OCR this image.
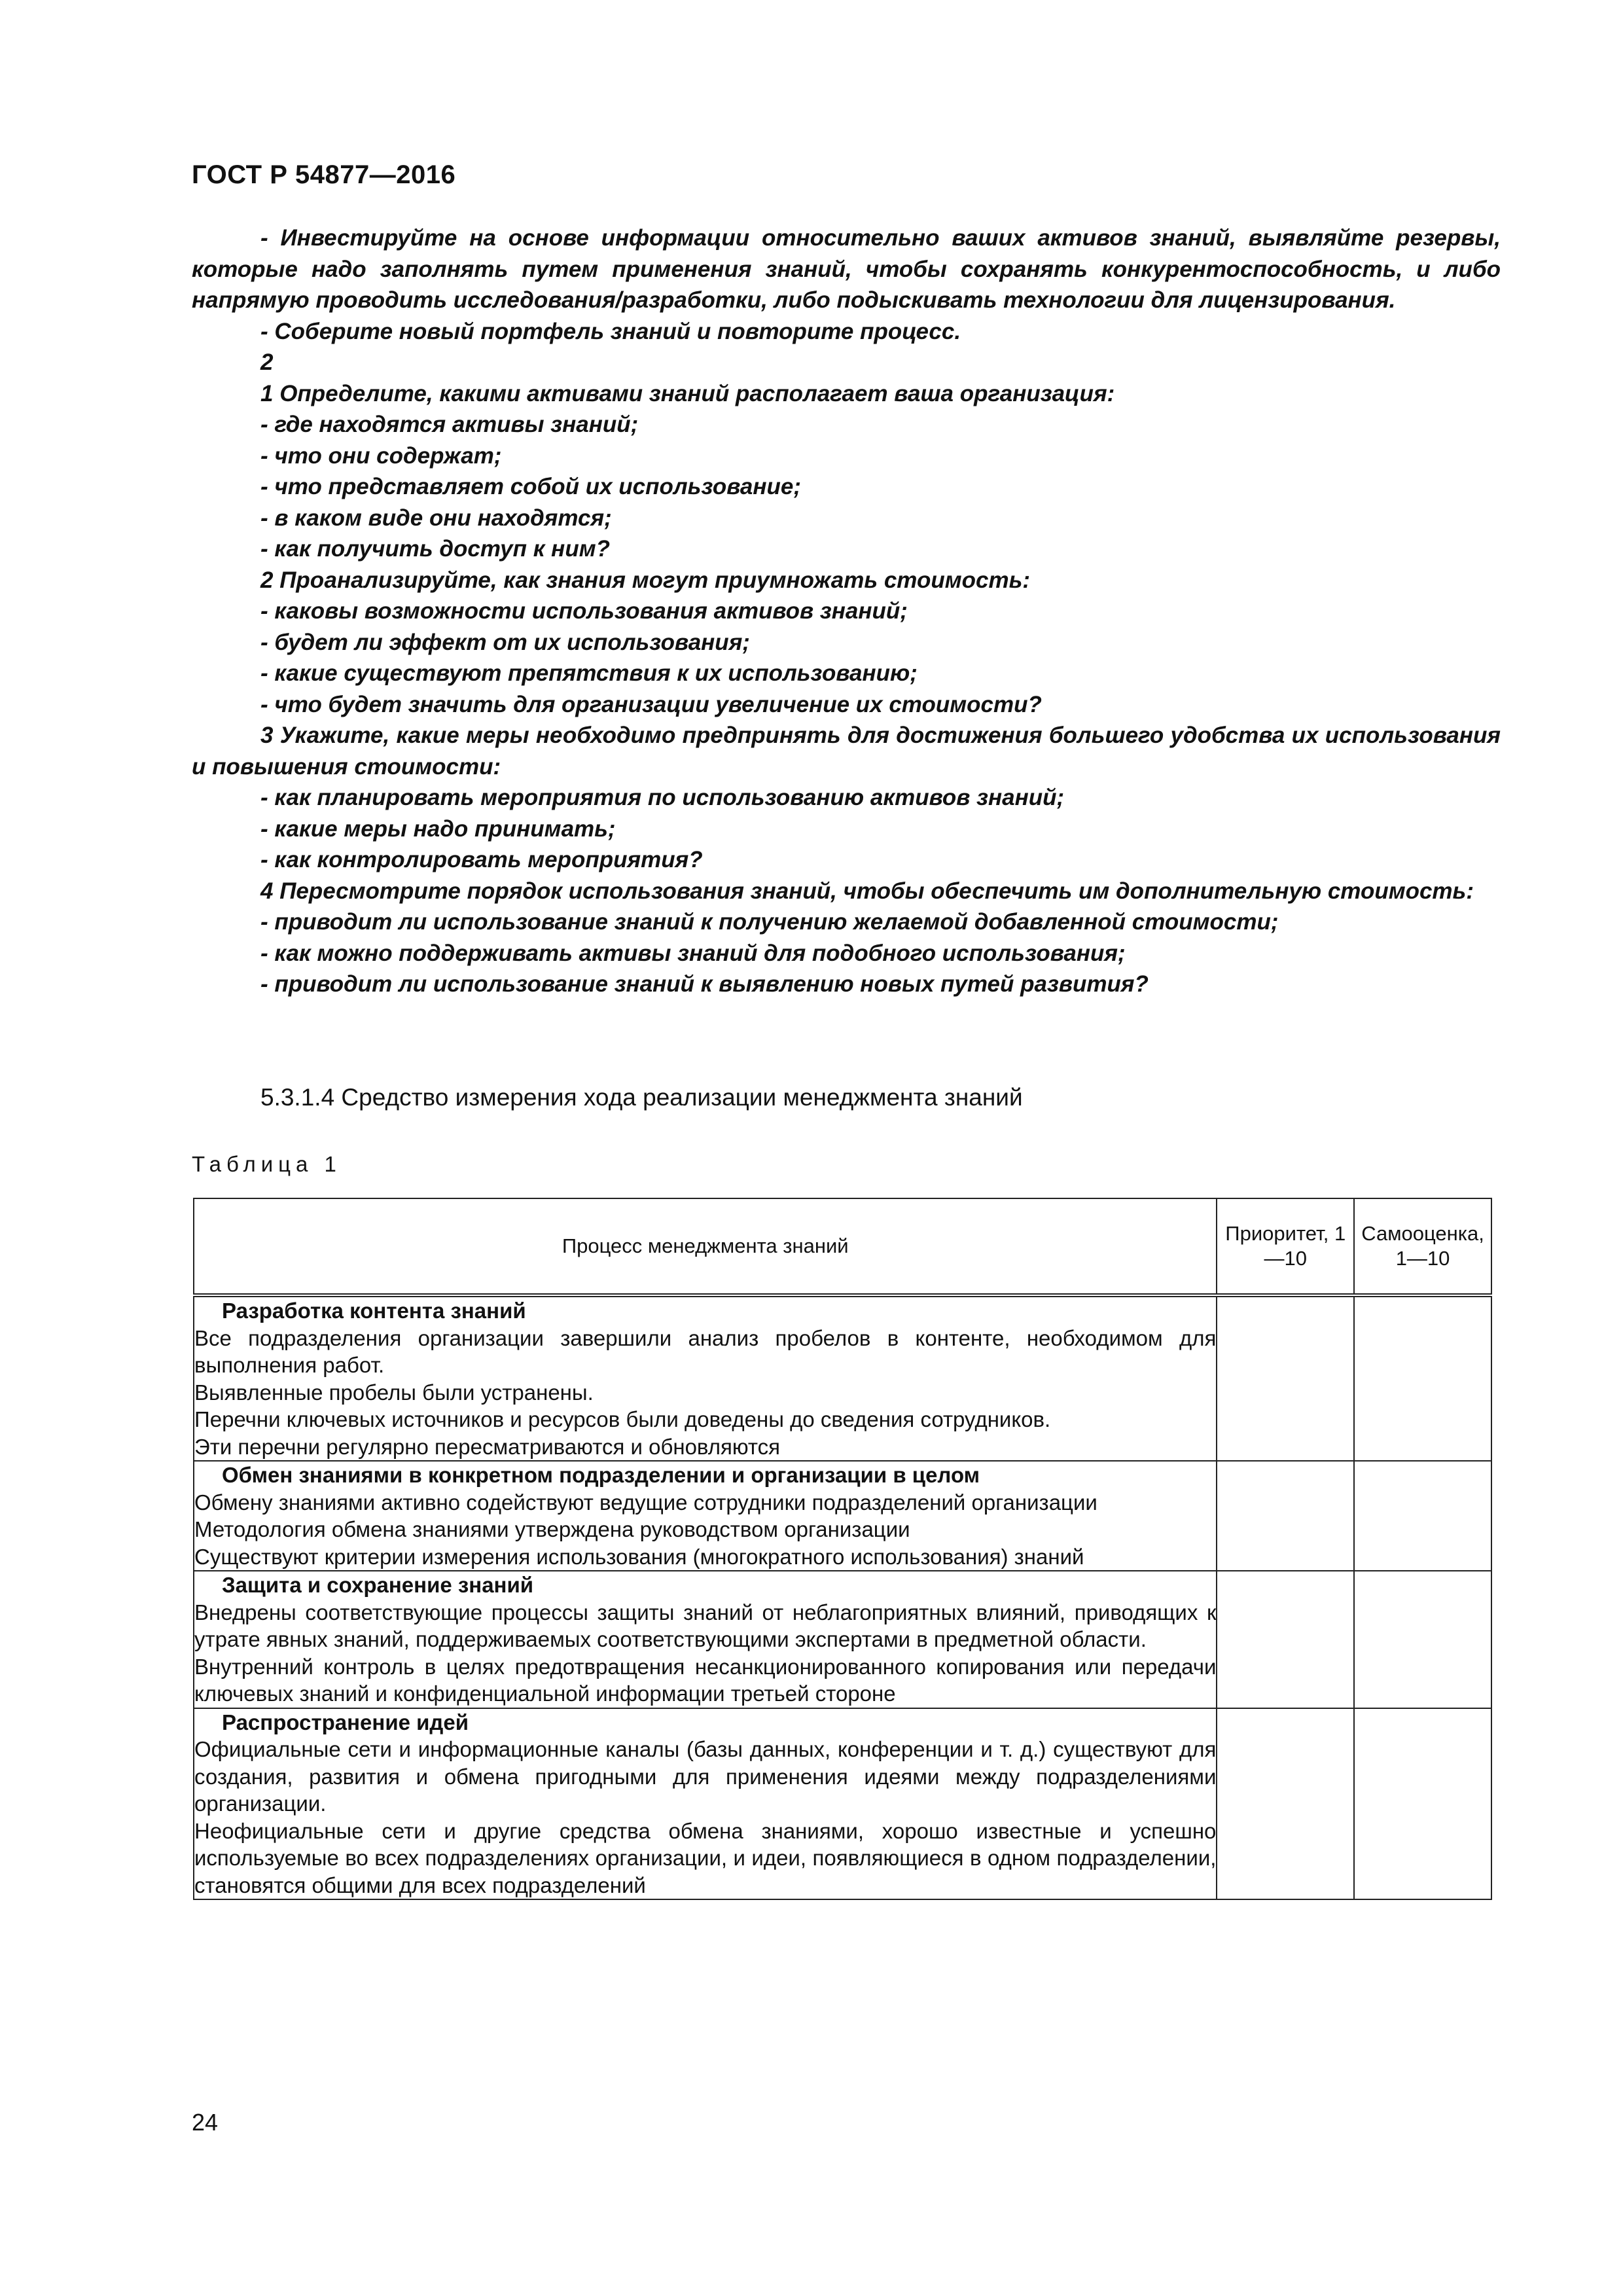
ГОСТ Р 54877—2016

- Инвестируйте на основе информации относительно ваших активов знаний, выявляйте резервы, которые надо заполнять путем применения знаний, чтобы сохранять конкурентоспособность, и либо напрямую проводить исследования/разработки, либо подыскивать технологии для лицензирования.

- Соберите новый портфель знаний и повторите процесс.

2

1 Определите, какими активами знаний располагает ваша организация:

- где находятся активы знаний;

- что они содержат;

- что представляет собой их использование;

- в каком виде они находятся;

- как получить доступ к ним?

2 Проанализируйте, как знания могут приумножать стоимость:

- каковы возможности использования активов знаний;

- будет ли эффект от их использования;

- какие существуют препятствия к их использованию;

- что будет значить для организации увеличение их стоимости?

3 Укажите, какие меры необходимо предпринять для достижения большего удобства их использования и повышения стоимости:

- как планировать мероприятия по использованию активов знаний;

- какие меры надо принимать;

- как контролировать мероприятия?

4 Пересмотрите порядок использования знаний, чтобы обеспечить им дополнительную стоимость:

- приводит ли использование знаний к получению желаемой добавленной стоимости;

- как можно поддерживать активы знаний для подобного использования;

- приводит ли использование знаний к выявлению новых путей развития?

5.3.1.4 Средство измерения хода реализации менеджмента знаний
Таблица 1
Процесс менеджмента знаний	Приоритет, 1—10	Самооценка, 1—10

Разработка контента знаний
Все подразделения организации завершили анализ пробелов в контенте, необходимом для выполнения работ.
Выявленные пробелы были устранены.
Перечни ключевых источников и ресурсов были доведены до сведения сотрудников.
Эти перечни регулярно пересматриваются и обновляются		

Обмен знаниями в конкретном подразделении и организации в целом
Обмену знаниями активно содействуют ведущие сотрудники подразделений организации
Методология обмена знаниями утверждена руководством организации
Существуют критерии измерения использования (многократного использования) знаний		

Защита и сохранение знаний
Внедрены соответствующие процессы защиты знаний от неблагоприятных влияний, приводящих к утрате явных знаний, поддерживаемых соответствующими экспертами в предметной области.
Внутренний контроль в целях предотвращения несанкционированного копирования или передачи ключевых знаний и конфиденциальной информации третьей стороне		

Распространение идей
Официальные сети и информационные каналы (базы данных, конференции и т. д.) существуют для создания, развития и обмена пригодными для применения идеями между подразделениями организации.
Неофициальные сети и другие средства обмена знаниями, хорошо известные и успешно используемые во всех подразделениях организации, и идеи, появляющиеся в одном подразделении, становятся общими для всех подразделений		

24
